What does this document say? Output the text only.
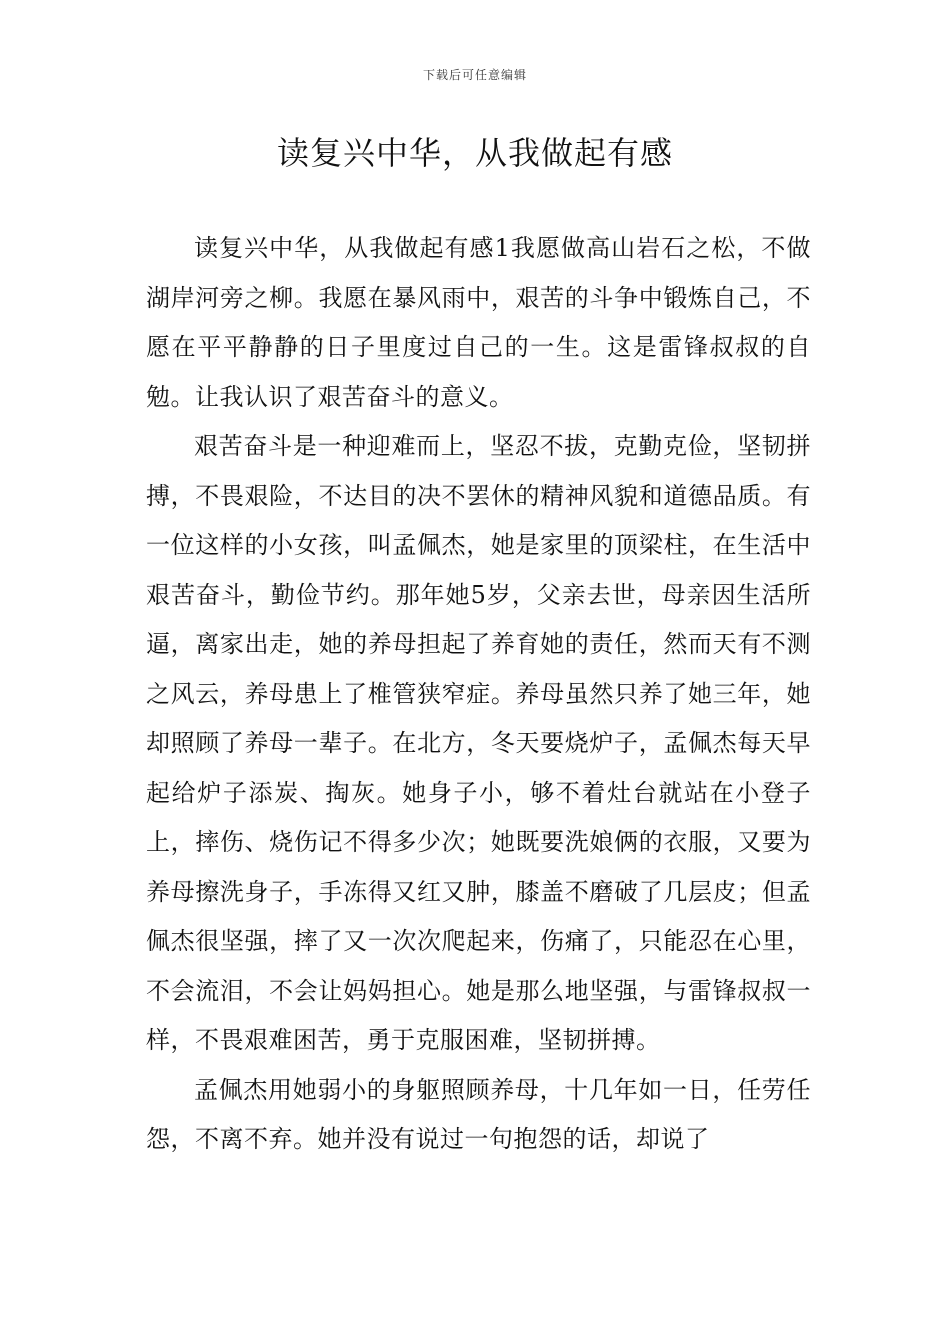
下载后可任意编辑
读复兴中华，从我做起有感

读复兴中华，从我做起有感1我愿做高山岩石之松，不做湖岸河旁之柳。我愿在暴风雨中，艰苦的斗争中锻炼自己，不愿在平平静静的日子里度过自己的一生。这是雷锋叔叔的自勉。让我认识了艰苦奋斗的意义。

艰苦奋斗是一种迎难而上，坚忍不拔，克勤克俭，坚韧拼搏，不畏艰险，不达目的决不罢休的精神风貌和道德品质。有一位这样的小女孩，叫孟佩杰，她是家里的顶梁柱，在生活中艰苦奋斗，勤俭节约。那年她5岁，父亲去世，母亲因生活所逼，离家出走，她的养母担起了养育她的责任，然而天有不测之风云，养母患上了椎管狭窄症。养母虽然只养了她三年，她却照顾了养母一辈子。在北方，冬天要烧炉子，孟佩杰每天早起给炉子添炭、掏灰。她身子小，够不着灶台就站在小登子上，摔伤、烧伤记不得多少次；她既要洗娘俩的衣服，又要为养母擦洗身子，手冻得又红又肿，膝盖不磨破了几层皮；但孟佩杰很坚强，摔了又一次次爬起来，伤痛了，只能忍在心里，不会流泪，不会让妈妈担心。她是那么地坚强，与雷锋叔叔一样，不畏艰难困苦，勇于克服困难，坚韧拼搏。

孟佩杰用她弱小的身躯照顾养母，十几年如一日，任劳任怨，不离不弃。她并没有说过一句抱怨的话，却说了
